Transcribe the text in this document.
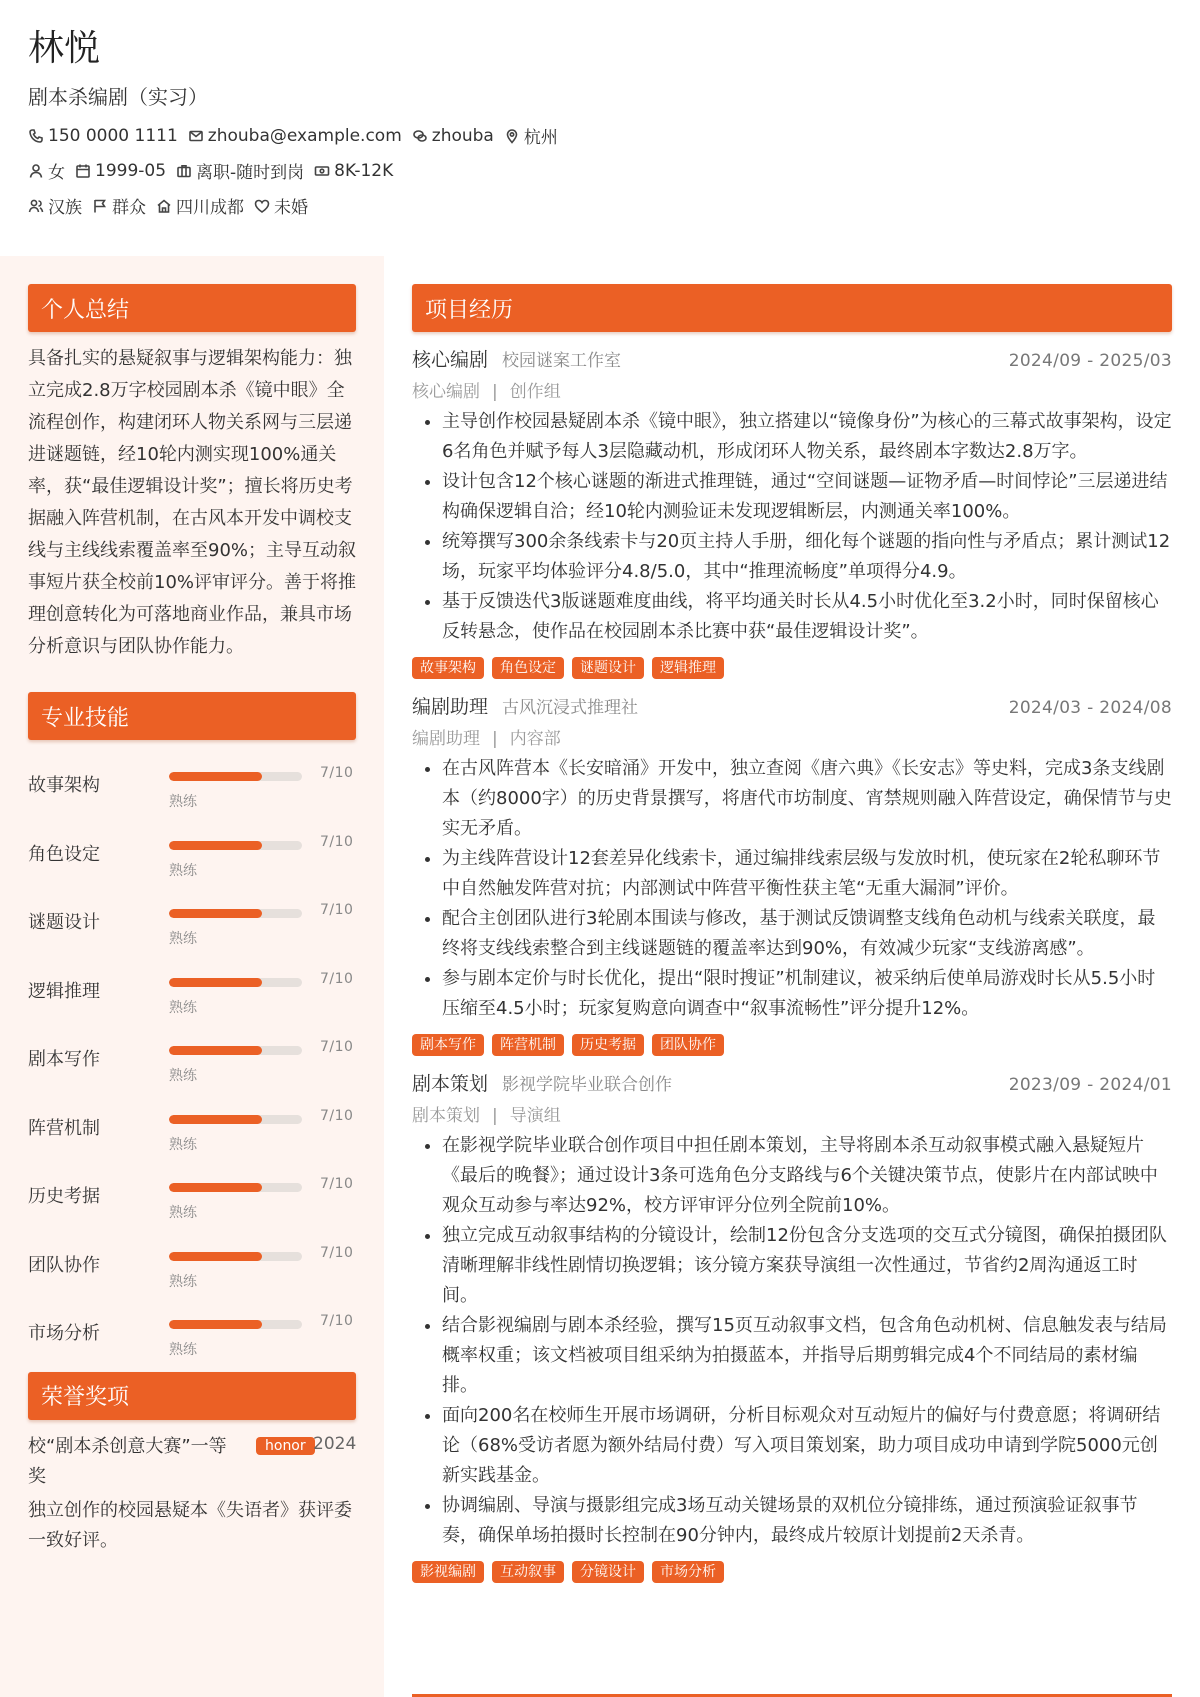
林悦
剧本杀编剧（实习）
150 0000 1111 zhouba@example.com zhouba 杭州
女 1999-05 离职-随时到岗 8K-12K
汉族 群众 四川成都 未婚
个人总结
具备扎实的悬疑叙事与逻辑架构能力：独立完成2.8万字校园剧本杀《镜中眼》全流程创作，构建闭环人物关系网与三层递进谜题链，经10轮内测实现100%通关率，获“最佳逻辑设计奖”；擅长将历史考据融入阵营机制，在古风本开发中调校支线与主线线索覆盖率至90%；主导互动叙事短片获全校前10%评审评分。善于将推理创意转化为可落地商业作品，兼具市场分析意识与团队协作能力。
专业技能
故事架构
7/10
熟练
角色设定
7/10
熟练
谜题设计
7/10
熟练
逻辑推理
7/10
熟练
剧本写作
7/10
熟练
阵营机制
7/10
熟练
历史考据
7/10
熟练
团队协作
7/10
熟练
市场分析
7/10
熟练
荣誉奖项
校“剧本杀创意大赛”一等奖
honor 2024
独立创作的校园悬疑本《失语者》获评委一致好评。
项目经历
核心编剧 校园谜案工作室	2024/09 - 2025/03
核心编剧 | 创作组
• 主导创作校园悬疑剧本杀《镜中眼》，独立搭建以“镜像身份”为核心的三幕式故事架构，设定6名角色并赋予每人3层隐藏动机，形成闭环人物关系，最终剧本字数达2.8万字。
• 设计包含12个核心谜题的渐进式推理链，通过“空间谜题—证物矛盾—时间悖论”三层递进结构确保逻辑自洽；经10轮内测验证未发现逻辑断层，内测通关率100%。
• 统筹撰写300余条线索卡与20页主持人手册，细化每个谜题的指向性与矛盾点；累计测试12场，玩家平均体验评分4.8/5.0，其中“推理流畅度”单项得分4.9。
• 基于反馈迭代3版谜题难度曲线，将平均通关时长从4.5小时优化至3.2小时，同时保留核心反转悬念，使作品在校园剧本杀比赛中获“最佳逻辑设计奖”。
故事架构	角色设定	谜题设计	逻辑推理
编剧助理 古风沉浸式推理社	2024/03 - 2024/08
编剧助理 | 内容部
• 在古风阵营本《长安暗涌》开发中，独立查阅《唐六典》《长安志》等史料，完成3条支线剧本（约8000字）的历史背景撰写，将唐代市坊制度、宵禁规则融入阵营设定，确保情节与史实无矛盾。
• 为主线阵营设计12套差异化线索卡，通过编排线索层级与发放时机，使玩家在2轮私聊环节中自然触发阵营对抗；内部测试中阵营平衡性获主笔“无重大漏洞”评价。
• 配合主创团队进行3轮剧本围读与修改，基于测试反馈调整支线角色动机与线索关联度，最终将支线线索整合到主线谜题链的覆盖率达到90%，有效减少玩家“支线游离感”。
• 参与剧本定价与时长优化，提出“限时搜证”机制建议，被采纳后使单局游戏时长从5.5小时压缩至4.5小时；玩家复购意向调查中“叙事流畅性”评分提升12%。
剧本写作	阵营机制	历史考据	团队协作
剧本策划 影视学院毕业联合创作	2023/09 - 2024/01
剧本策划 | 导演组
• 在影视学院毕业联合创作项目中担任剧本策划，主导将剧本杀互动叙事模式融入悬疑短片《最后的晚餐》；通过设计3条可选角色分支路线与6个关键决策节点，使影片在内部试映中观众互动参与率达92%，校方评审评分位列全院前10%。
• 独立完成互动叙事结构的分镜设计，绘制12份包含分支选项的交互式分镜图，确保拍摄团队清晰理解非线性剧情切换逻辑；该分镜方案获导演组一次性通过，节省约2周沟通返工时间。
• 结合影视编剧与剧本杀经验，撰写15页互动叙事文档，包含角色动机树、信息触发表与结局概率权重；该文档被项目组采纳为拍摄蓝本，并指导后期剪辑完成4个不同结局的素材编排。
• 面向200名在校师生开展市场调研，分析目标观众对互动短片的偏好与付费意愿；将调研结论（68%受访者愿为额外结局付费）写入项目策划案，助力项目成功申请到学院5000元创新实践基金。
• 协调编剧、导演与摄影组完成3场互动关键场景的双机位分镜排练，通过预演验证叙事节奏，确保单场拍摄时长控制在90分钟内，最终成片较原计划提前2天杀青。
影视编剧	互动叙事	分镜设计	市场分析
